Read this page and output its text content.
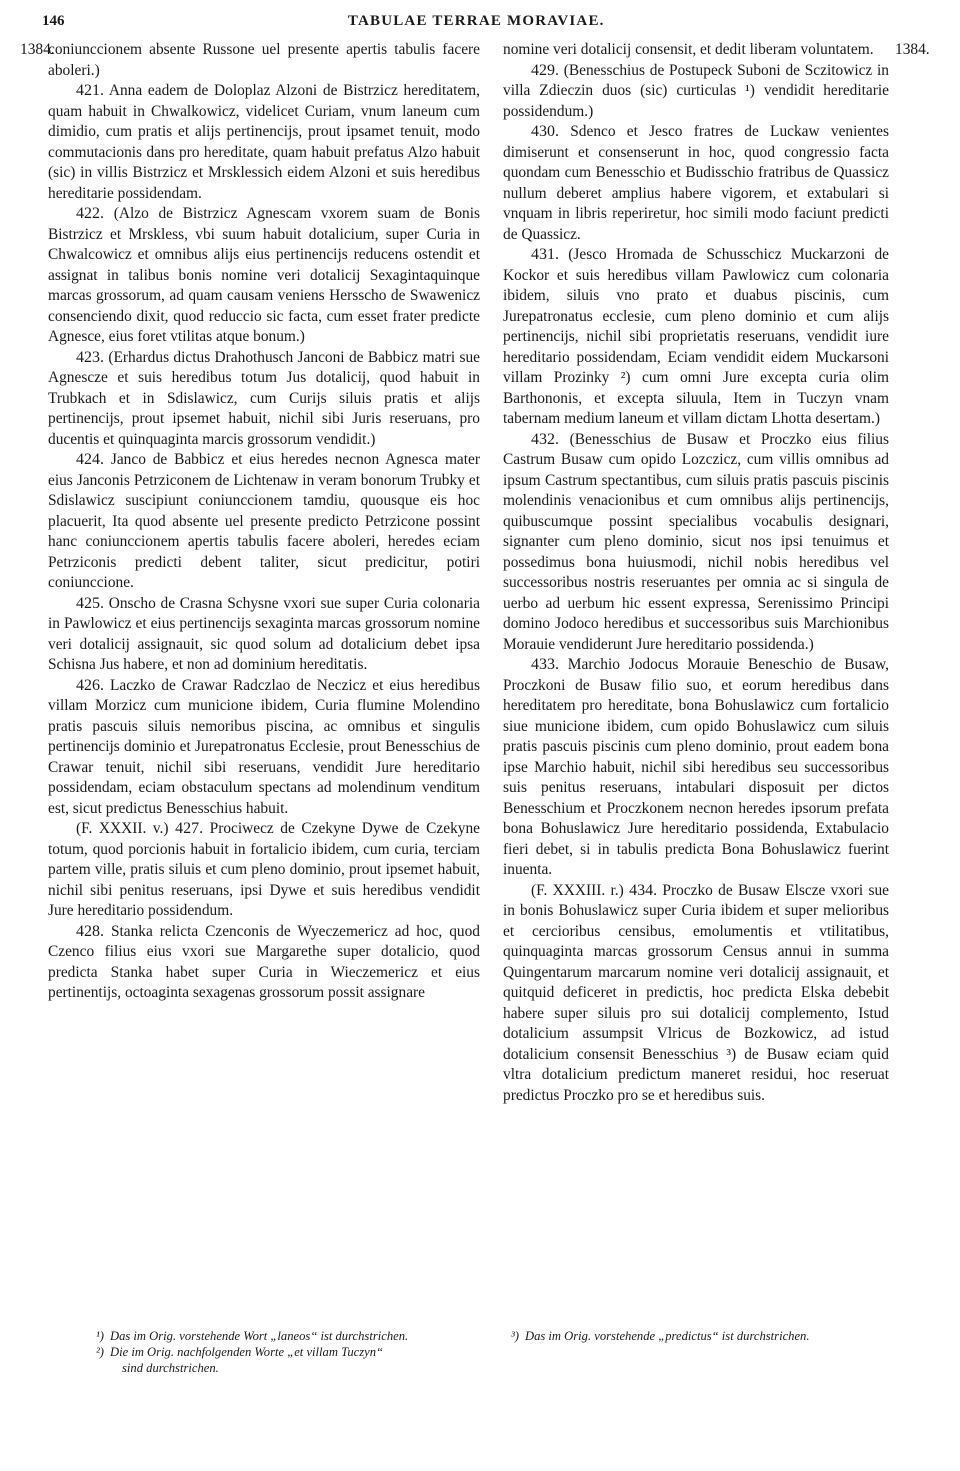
146	TABULAE TERRAE MORAVIAE.
1384.	1384.

coniunccionem absente Russone uel presente apertis tabulis facere aboleri.)

421. Anna eadem de Doloplaz Alzoni de Bistrzicz hereditatem, quam habuit in Chwalkowicz, videlicet Curiam, vnum laneum cum dimidio, cum pratis et alijs pertinencijs, prout ipsamet tenuit, modo commutacionis dans pro hereditate, quam habuit prefatus Alzo habuit (sic) in villis Bistrzicz et Mrsklessich eidem Alzoni et suis heredibus hereditarie possidendam.

422. (Alzo de Bistrzicz Agnescam vxorem suam de Bonis Bistrzicz et Mrskless, vbi suum habuit dotalicium, super Curia in Chwalcowicz et omnibus alijs eius pertinencijs reducens ostendit et assignat in talibus bonis nomine veri dotalicij Sexagintaquinque marcas grossorum, ad quam causam veniens Hersscho de Swawenicz consenciendo dixit, quod reduccio sic facta, cum esset frater predicte Agnesce, eius foret vtilitas atque bonum.)

423. (Erhardus dictus Drahothusch Janconi de Babbicz matri sue Agnescze et suis heredibus totum Jus dotalicij, quod habuit in Trubkach et in Sdislawicz, cum Curijs siluis pratis et alijs pertinencijs, prout ipsemet habuit, nichil sibi Juris reseruans, pro ducentis et quinquaginta marcis grossorum vendidit.)

424. Janco de Babbicz et eius heredes necnon Agnesca mater eius Janconis Petrziconem de Lichtenaw in veram bonorum Trubky et Sdislawicz suscipiunt coniunccionem tamdiu, quousque eis hoc placuerit, Ita quod absente uel presente predicto Petrzicone possint hanc coniunccionem apertis tabulis facere aboleri, heredes eciam Petrziconis predicti debent taliter, sicut predicitur, potiri coniunccione.

425. Onscho de Crasna Schysne vxori sue super Curia colonaria in Pawlowicz et eius pertinencijs sexaginta marcas grossorum nomine veri dotalicij assignauit, sic quod solum ad dotalicium debet ipsa Schisna Jus habere, et non ad dominium hereditatis.

426. Laczko de Crawar Radczlao de Neczicz et eius heredibus villam Morzicz cum municione ibidem, Curia flumine Molendino pratis pascuis siluis nemoribus piscina, ac omnibus et singulis pertinencijs dominio et Jurepatronatus Ecclesie, prout Benesschius de Crawar tenuit, nichil sibi reseruans, vendidit Jure hereditario possidendam, eciam obstaculum spectans ad molendinum venditum est, sicut predictus Benesschius habuit.

(F. XXXII. v.) 427. Prociwecz de Czekyne Dywe de Czekyne totum, quod porcionis habuit in fortalicio ibidem, cum curia, terciam partem ville, pratis siluis et cum pleno dominio, prout ipsemet habuit, nichil sibi penitus reseruans, ipsi Dywe et suis heredibus vendidit Jure hereditario possidendum.

428. Stanka relicta Czenconis de Wyeczemericz ad hoc, quod Czenco filius eius vxori sue Margarethe super dotalicio, quod predicta Stanka habet super Curia in Wieczemericz et eius pertinentijs, octoaginta sexagenas grossorum possit assignare

nomine veri dotalicij consensit, et dedit liberam voluntatem.

429. (Benesschius de Postupeck Suboni de Sczitowicz in villa Zdieczin duos (sic) curticulas ¹) vendidit hereditarie possidendum.)

430. Sdenco et Jesco fratres de Luckaw venientes dimiserunt et consenserunt in hoc, quod congressio facta quondam cum Benesschio et Budisschio fratribus de Quassicz nullum deberet amplius habere vigorem, et extabulari si vnquam in libris reperiretur, hoc simili modo faciunt predicti de Quassicz.

431. (Jesco Hromada de Schusschicz Muckarzoni de Kockor et suis heredibus villam Pawlowicz cum colonaria ibidem, siluis vno prato et duabus piscinis, cum Jurepatronatus ecclesie, cum pleno dominio et cum alijs pertinencijs, nichil sibi proprietatis reseruans, vendidit iure hereditario possidendam, Eciam vendidit eidem Muckarsoni villam Prozinky ²) cum omni Jure excepta curia olim Barthononis, et excepta siluula, Item in Tuczyn vnam tabernam medium laneum et villam dictam Lhotta desertam.)

432. (Benesschius de Busaw et Proczko eius filius Castrum Busaw cum opido Lozczicz, cum villis omnibus ad ipsum Castrum spectantibus, cum siluis pratis pascuis piscinis molendinis venacionibus et cum omnibus alijs pertinencijs, quibuscumque possint specialibus vocabulis designari, signanter cum pleno dominio, sicut nos ipsi tenuimus et possedimus bona huiusmodi, nichil nobis heredibus vel successoribus nostris reseruantes per omnia ac si singula de uerbo ad uerbum hic essent expressa, Serenissimo Principi domino Jodoco heredibus et successoribus suis Marchionibus Morauie vendiderunt Jure hereditario possidenda.)

433. Marchio Jodocus Morauie Beneschio de Busaw, Proczkoni de Busaw filio suo, et eorum heredibus dans hereditatem pro hereditate, bona Bohuslawicz cum fortalicio siue municione ibidem, cum opido Bohuslawicz cum siluis pratis pascuis piscinis cum pleno dominio, prout eadem bona ipse Marchio habuit, nichil sibi heredibus seu successoribus suis penitus reseruans, intabulari disposuit per dictos Benesschium et Proczkonem necnon heredes ipsorum prefata bona Bohuslawicz Jure hereditario possidenda, Extabulacio fieri debet, si in tabulis predicta Bona Bohuslawicz fuerint inuenta.

(F. XXXIII. r.) 434. Proczko de Busaw Elscze vxori sue in bonis Bohuslawicz super Curia ibidem et super melioribus et cercioribus censibus, emolumentis et vtilitatibus, quinquaginta marcas grossorum Census annui in summa Quingentarum marcarum nomine veri dotalicij assignauit, et quitquid deficeret in predictis, hoc predicta Elska debebit habere super siluis pro sui dotalicij complemento, Istud dotalicium assumpsit Vlricus de Bozkowicz, ad istud dotalicium consensit Benesschius ³) de Busaw eciam quid vltra dotalicium predictum maneret residui, hoc reseruat predictus Proczko pro se et heredibus suis.

¹) Das im Orig. vorstehende Wort „laneos“ ist durchstrichen.

²) Die im Orig. nachfolgenden Worte „et villam Tuczyn“

sind durchstrichen.

³) Das im Orig. vorstehende „predictus“ ist durchstrichen.
